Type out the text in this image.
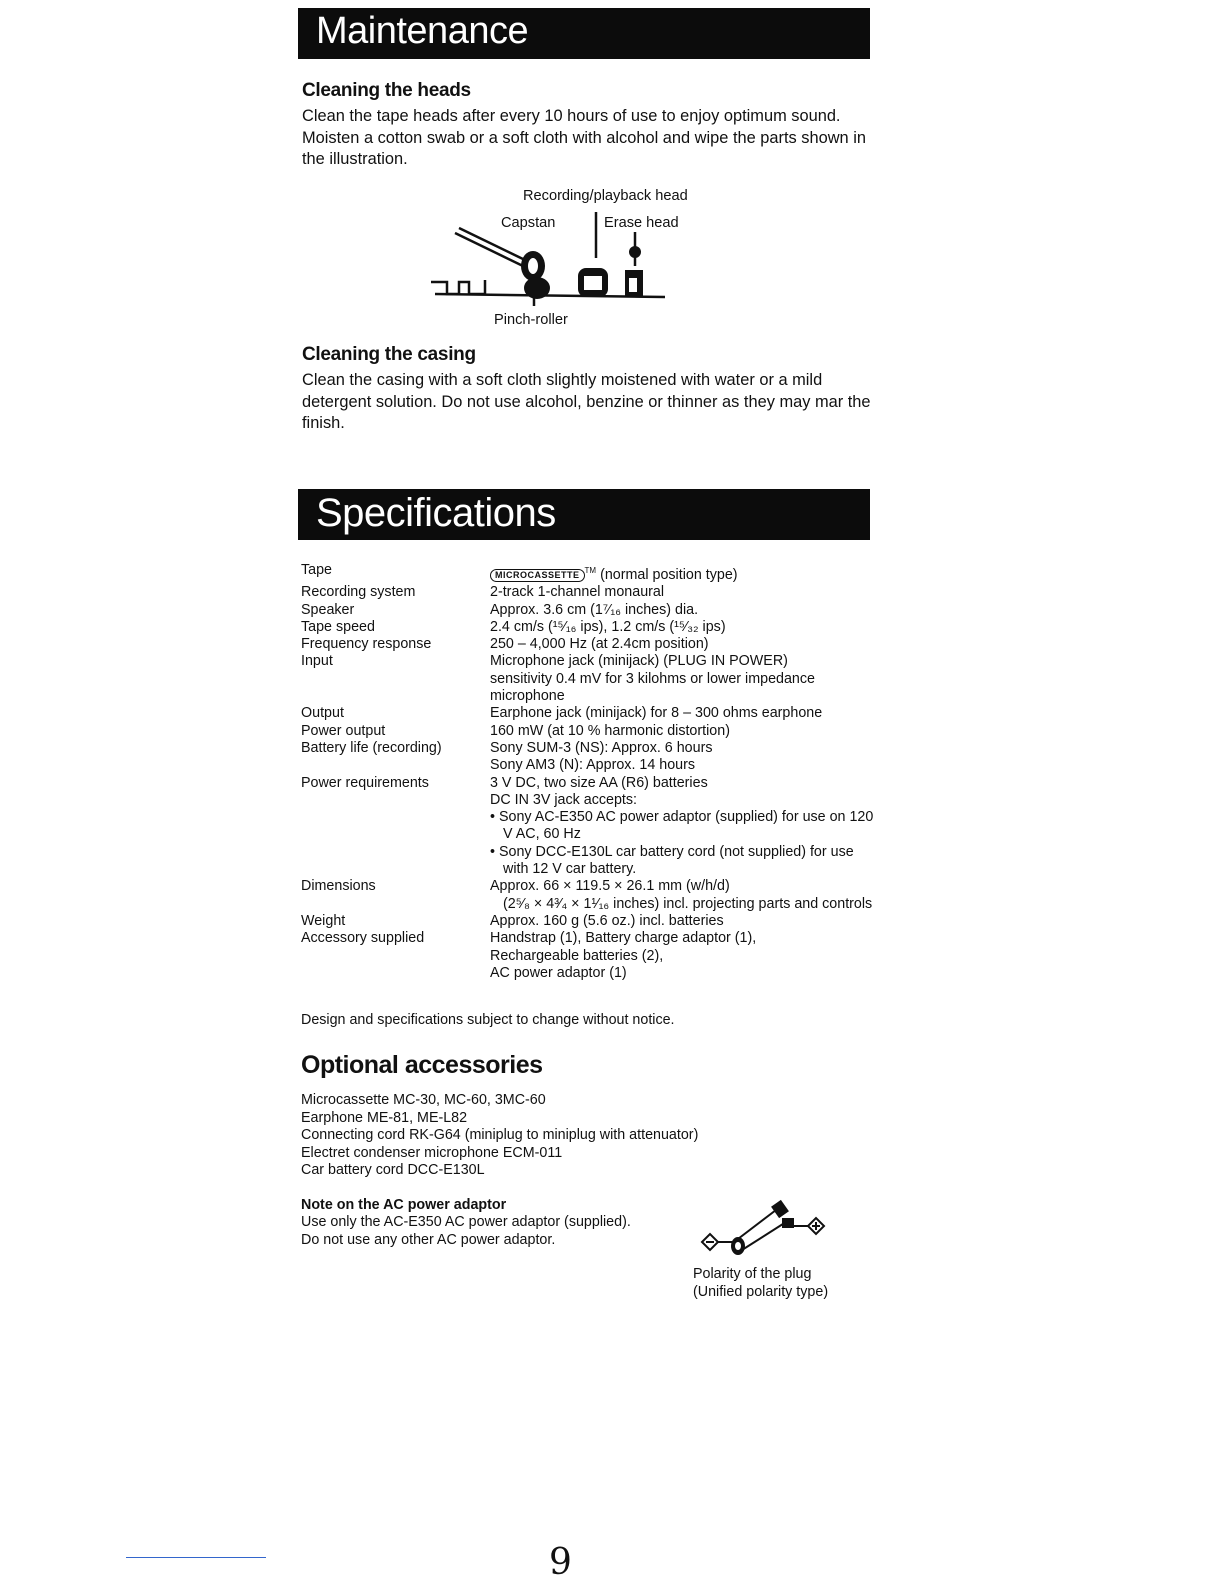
Maintenance
Cleaning the heads
Clean the tape heads after every 10 hours of use to enjoy optimum sound. Moisten a cotton swab or a soft cloth with alcohol and wipe the parts shown in the illustration.
Recording/playback head
Capstan	Erase head
Pinch-roller
Cleaning the casing
Clean the casing with a soft cloth slightly moistened with water or a mild detergent solution. Do not use alcohol, benzine or thinner as they may mar the finish.
Specifications
Tape	MICROCASSETTE ™ (normal position type)
Recording system	2-track 1-channel monaural
Speaker	Approx. 3.6 cm (1⁷⁄₁₆ inches) dia.
Tape speed	2.4 cm/s (¹⁵⁄₁₆ ips), 1.2 cm/s (¹⁵⁄₃₂ ips)
Frequency response	250 – 4,000 Hz (at 2.4cm position)
Input	Microphone jack (minijack) (PLUG IN POWER)
sensitivity 0.4 mV for 3 kilohms or lower impedance
microphone

Output	Earphone jack (minijack) for 8 – 300 ohms earphone
Power output	160 mW (at 10 % harmonic distortion)
Battery life (recording)	Sony SUM-3 (NS): Approx. 6 hours
Sony AM3 (N): Approx. 14 hours

Power requirements	3 V DC, two size AA (R6) batteries
DC IN 3V jack accepts:
• Sony AC-E350 AC power adaptor (supplied) for use on 120 V AC, 60 Hz
• Sony DCC-E130L car battery cord (not supplied) for use with 12 V car battery.

Dimensions	Approx. 66 × 119.5 × 26.1 mm (w/h/d)
(2⁵⁄₈ × 4³⁄₄ × 1¹⁄₁₆ inches) incl. projecting parts and controls

Weight	Approx. 160 g (5.6 oz.) incl. batteries
Accessory supplied	Handstrap (1), Battery charge adaptor (1),
Rechargeable batteries (2),
AC power adaptor (1)
Design and specifications subject to change without notice.
Optional accessories
Microcassette MC-30, MC-60, 3MC-60
Earphone ME-81, ME-L82
Connecting cord RK-G64 (miniplug to miniplug with attenuator)
Electret condenser microphone ECM-011
Car battery cord DCC-E130L
Note on the AC power adaptor
Use only the AC-E350 AC power adaptor (supplied).
Do not use any other AC power adaptor.
Polarity of the plug
(Unified polarity type)
9
